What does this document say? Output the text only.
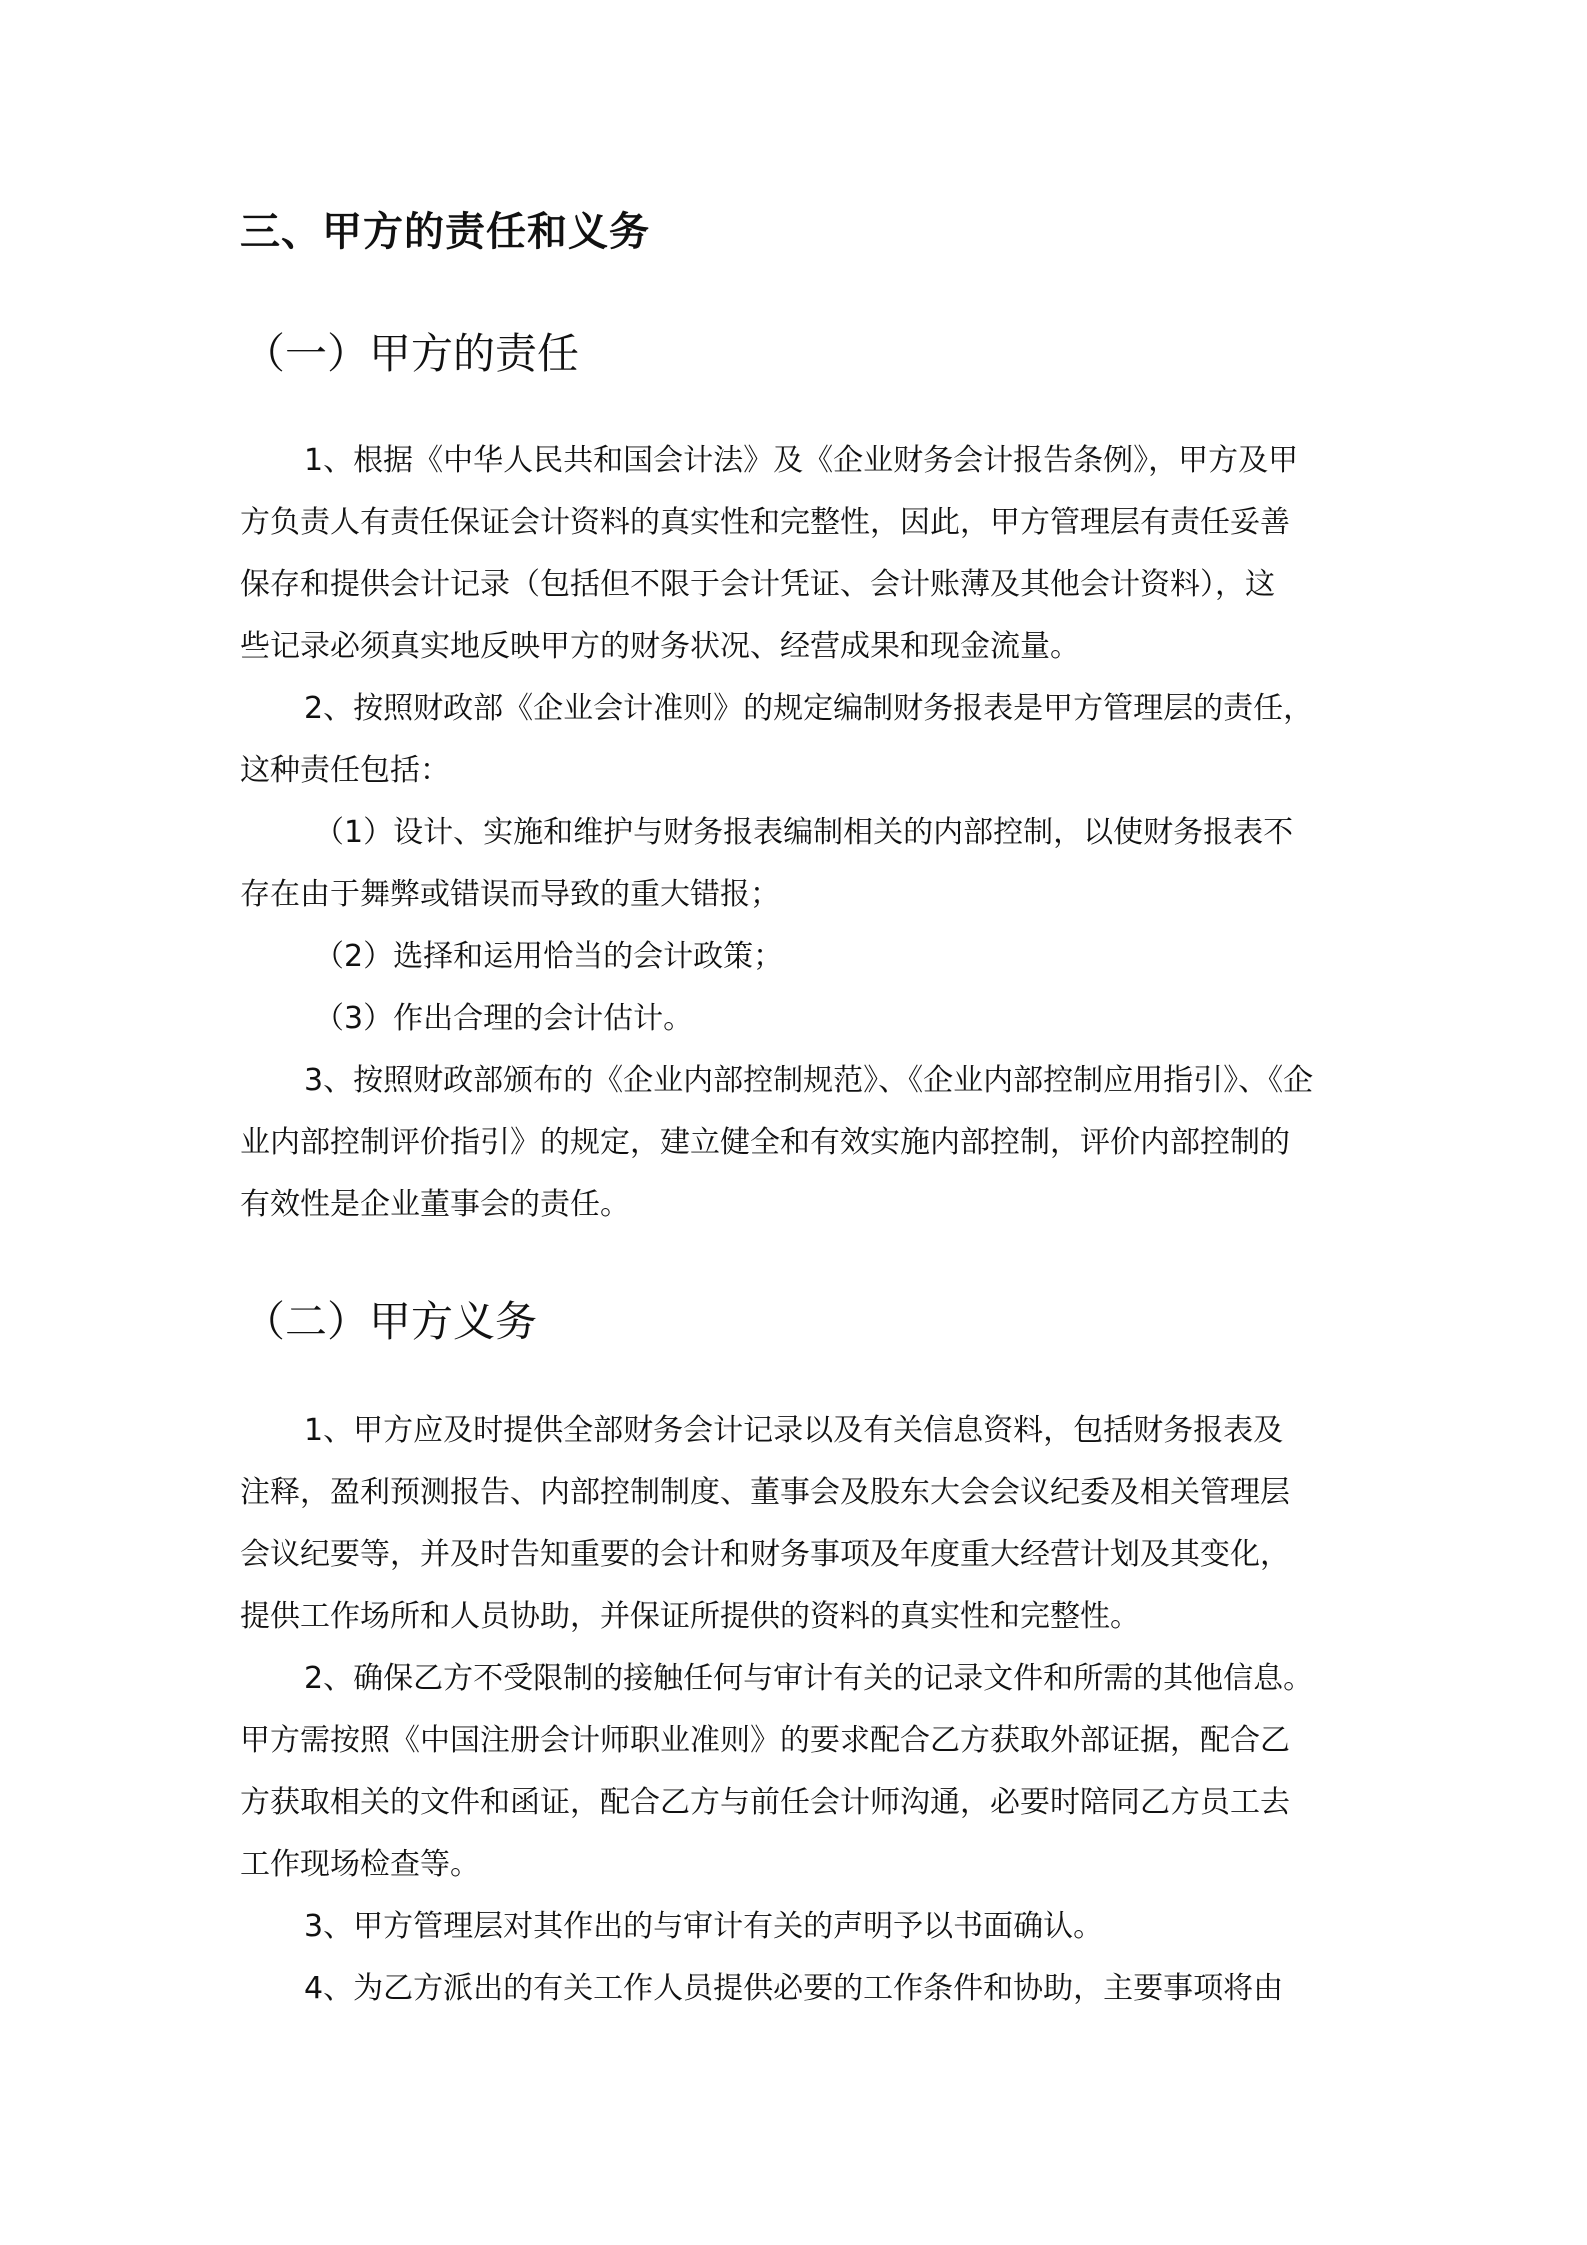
三、甲方的责任和义务
（一）甲方的责任
1、根据《中华人民共和国会计法》及《企业财务会计报告条例》，甲方及甲
方负责人有责任保证会计资料的真实性和完整性，因此，甲方管理层有责任妥善
保存和提供会计记录（包括但不限于会计凭证、会计账薄及其他会计资料），这
些记录必须真实地反映甲方的财务状况、经营成果和现金流量。
2、按照财政部《企业会计准则》的规定编制财务报表是甲方管理层的责任，
这种责任包括：
（1）设计、实施和维护与财务报表编制相关的内部控制，以使财务报表不
存在由于舞弊或错误而导致的重大错报；
（2）选择和运用恰当的会计政策；
（3）作出合理的会计估计。
3、按照财政部颁布的《企业内部控制规范》、《企业内部控制应用指引》、《企
业内部控制评价指引》的规定，建立健全和有效实施内部控制，评价内部控制的
有效性是企业董事会的责任。
（二）甲方义务
1、甲方应及时提供全部财务会计记录以及有关信息资料，包括财务报表及
注释，盈利预测报告、内部控制制度、董事会及股东大会会议纪委及相关管理层
会议纪要等，并及时告知重要的会计和财务事项及年度重大经营计划及其变化，
提供工作场所和人员协助，并保证所提供的资料的真实性和完整性。
2、确保乙方不受限制的接触任何与审计有关的记录文件和所需的其他信息。
甲方需按照《中国注册会计师职业准则》的要求配合乙方获取外部证据，配合乙
方获取相关的文件和函证，配合乙方与前任会计师沟通，必要时陪同乙方员工去
工作现场检查等。
3、甲方管理层对其作出的与审计有关的声明予以书面确认。
4、为乙方派出的有关工作人员提供必要的工作条件和协助，主要事项将由
